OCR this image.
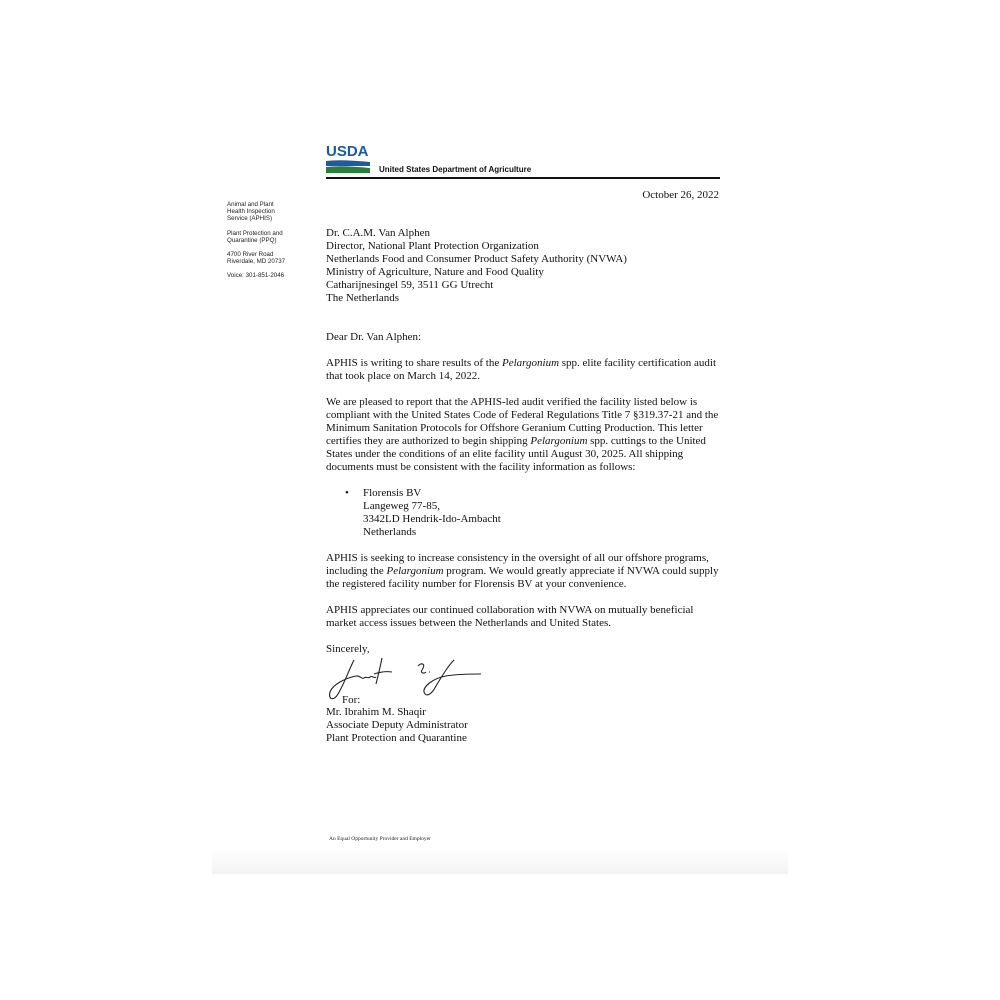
USDA
United States Department of Agriculture
October 26, 2022
Animal and Plant
Health Inspection
Service (APHIS)
Plant Protection and
Quarantine (PPQ)
4700 River Road
Riverdale, MD 20737
Voice: 301-851-2046
Dr. C.A.M. Van Alphen
Director, National Plant Protection Organization
Netherlands Food and Consumer Product Safety Authority (NVWA)
Ministry of Agriculture, Nature and Food Quality
Catharijnesingel 59, 3511 GG Utrecht
The Netherlands

Dear Dr. Van Alphen:

APHIS is writing to share results of the Pelargonium spp. elite facility certification audit that took place on March 14, 2022.

We are pleased to report that the APHIS-led audit verified the facility listed below is compliant with the United States Code of Federal Regulations Title 7 §319.37-21 and the Minimum Sanitation Protocols for Offshore Geranium Cutting Production. This letter certifies they are authorized to begin shipping Pelargonium spp. cuttings to the United States under the conditions of an elite facility until August 30, 2025. All shipping documents must be consistent with the facility information as follows:

• Florensis BV
Langeweg 77-85,
3342LD Hendrik-Ido-Ambacht
Netherlands

APHIS is seeking to increase consistency in the oversight of all our offshore programs, including the Pelargonium program. We would greatly appreciate if NVWA could supply the registered facility number for Florensis BV at your convenience.

APHIS appreciates our continued collaboration with NVWA on mutually beneficial market access issues between the Netherlands and United States.

Sincerely,

For:
Mr. Ibrahim M. Shaqir
Associate Deputy Administrator
Plant Protection and Quarantine
An Equal Opportunity Provider and Employer
